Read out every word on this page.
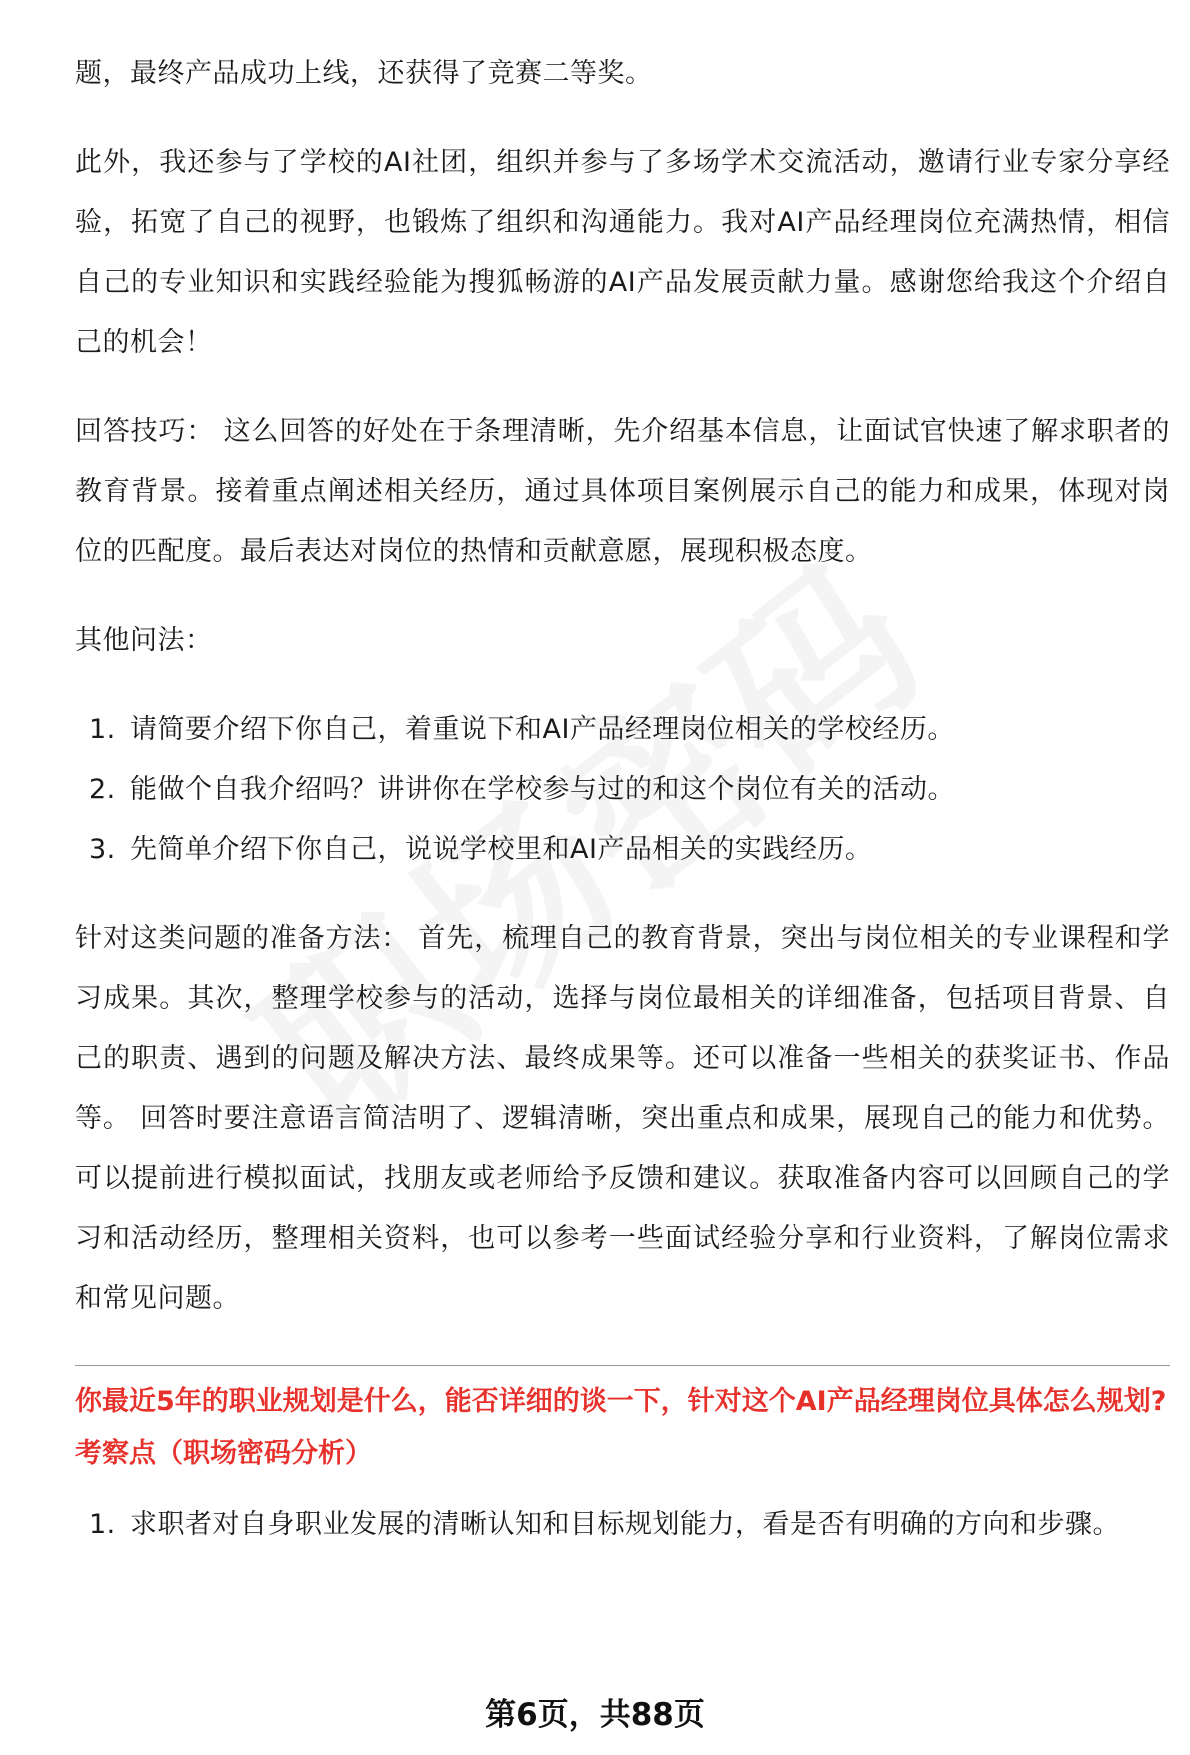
题，最终产品成功上线，还获得了竞赛二等奖。

此外，我还参与了学校的AI社团，组织并参与了多场学术交流活动，邀请行业专家分享经验，拓宽了自己的视野，也锻炼了组织和沟通能力。我对AI产品经理岗位充满热情，相信自己的专业知识和实践经验能为搜狐畅游的AI产品发展贡献力量。感谢您给我这个介绍自己的机会！

回答技巧： 这么回答的好处在于条理清晰，先介绍基本信息，让面试官快速了解求职者的教育背景。接着重点阐述相关经历，通过具体项目案例展示自己的能力和成果，体现对岗位的匹配度。最后表达对岗位的热情和贡献意愿，展现积极态度。

其他问法：

1. 请简要介绍下你自己，着重说下和AI产品经理岗位相关的学校经历。
2. 能做个自我介绍吗？讲讲你在学校参与过的和这个岗位有关的活动。
3. 先简单介绍下你自己，说说学校里和AI产品相关的实践经历。

针对这类问题的准备方法： 首先，梳理自己的教育背景，突出与岗位相关的专业课程和学习成果。其次，整理学校参与的活动，选择与岗位最相关的详细准备，包括项目背景、自己的职责、遇到的问题及解决方法、最终成果等。还可以准备一些相关的获奖证书、作品等。 回答时要注意语言简洁明了、逻辑清晰，突出重点和成果，展现自己的能力和优势。可以提前进行模拟面试，找朋友或老师给予反馈和建议。获取准备内容可以回顾自己的学习和活动经历，整理相关资料，也可以参考一些面试经验分享和行业资料，了解岗位需求和常见问题。

你最近5年的职业规划是什么，能否详细的谈一下，针对这个AI产品经理岗位具体怎么规划?

考察点（职场密码分析）

1. 求职者对自身职业发展的清晰认知和目标规划能力，看是否有明确的方向和步骤。
第6页，共88页
